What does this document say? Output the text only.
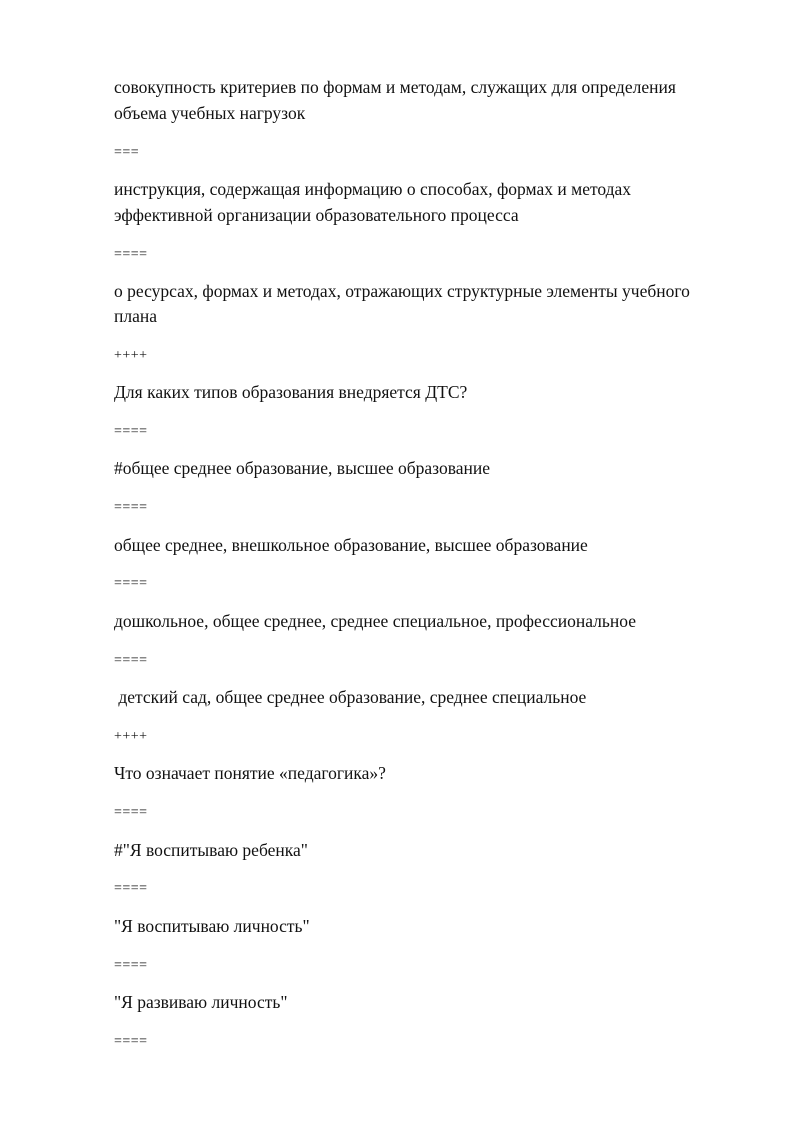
совокупность критериев по формам и методам, служащих для определения

объема учебных нагрузок

===

инструкция, содержащая информацию о способах, формах и методах

эффективной организации образовательного процесса

====

о ресурсах, формах и методах, отражающих структурные элементы учебного

плана

++++

Для каких типов образования внедряется ДТС?

====

#общее среднее образование, высшее образование

====

общее среднее, внешкольное образование, высшее образование

====

дошкольное, общее среднее, среднее специальное, профессиональное

====

детский сад, общее среднее образование, среднее специальное

++++

Что означает понятие «педагогика»?

====

#"Я воспитываю ребенка"

====

"Я воспитываю личность"

====

"Я развиваю личность"

====
